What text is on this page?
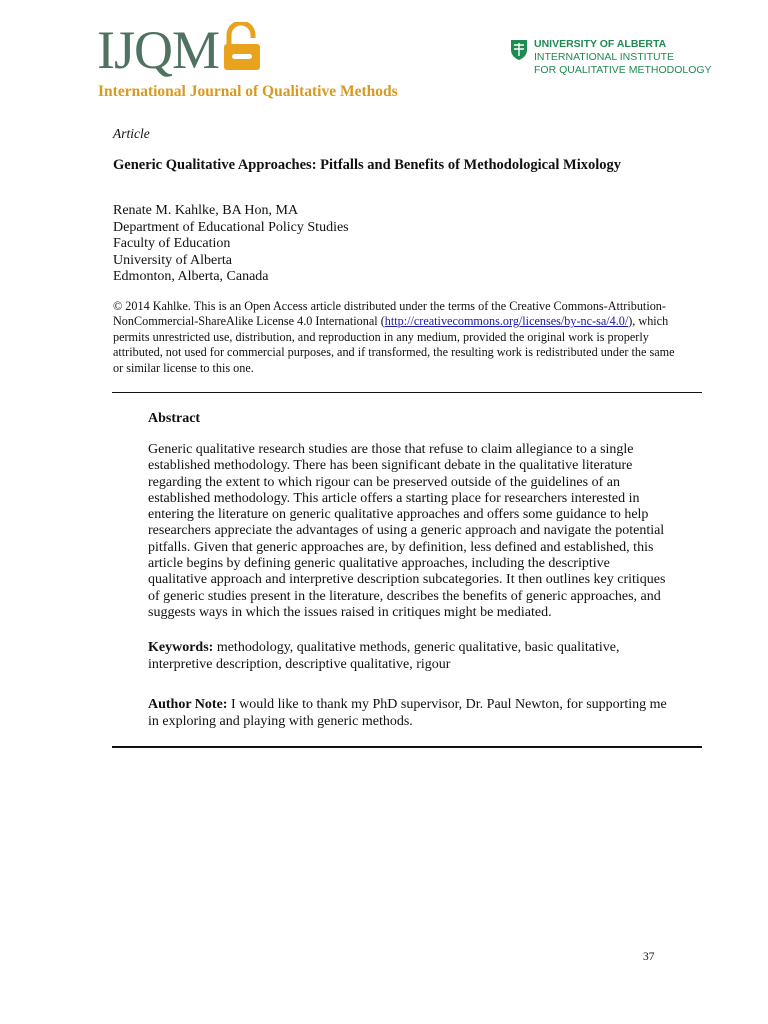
IJQM
International Journal of Qualitative Methods
UNIVERSITY OF ALBERTA
INTERNATIONAL INSTITUTE
FOR QUALITATIVE METHODOLOGY
Article
Generic Qualitative Approaches: Pitfalls and Benefits of Methodological Mixology
Renate M. Kahlke, BA Hon, MA
Department of Educational Policy Studies
Faculty of Education
University of Alberta
Edmonton, Alberta, Canada
© 2014 Kahlke. This is an Open Access article distributed under the terms of the Creative Commons-Attribution-
NonCommercial-ShareAlike License 4.0 International (http://creativecommons.org/licenses/by-nc-sa/4.0/), which
permits unrestricted use, distribution, and reproduction in any medium, provided the original work is properly
attributed, not used for commercial purposes, and if transformed, the resulting work is redistributed under the same
or similar license to this one.
Abstract
Generic qualitative research studies are those that refuse to claim allegiance to a single
established methodology. There has been significant debate in the qualitative literature
regarding the extent to which rigour can be preserved outside of the guidelines of an
established methodology. This article offers a starting place for researchers interested in
entering the literature on generic qualitative approaches and offers some guidance to help
researchers appreciate the advantages of using a generic approach and navigate the potential
pitfalls. Given that generic approaches are, by definition, less defined and established, this
article begins by defining generic qualitative approaches, including the descriptive
qualitative approach and interpretive description subcategories. It then outlines key critiques
of generic studies present in the literature, describes the benefits of generic approaches, and
suggests ways in which the issues raised in critiques might be mediated.
Keywords: methodology, qualitative methods, generic qualitative, basic qualitative,
interpretive description, descriptive qualitative, rigour
Author Note: I would like to thank my PhD supervisor, Dr. Paul Newton, for supporting me
in exploring and playing with generic methods.
37
